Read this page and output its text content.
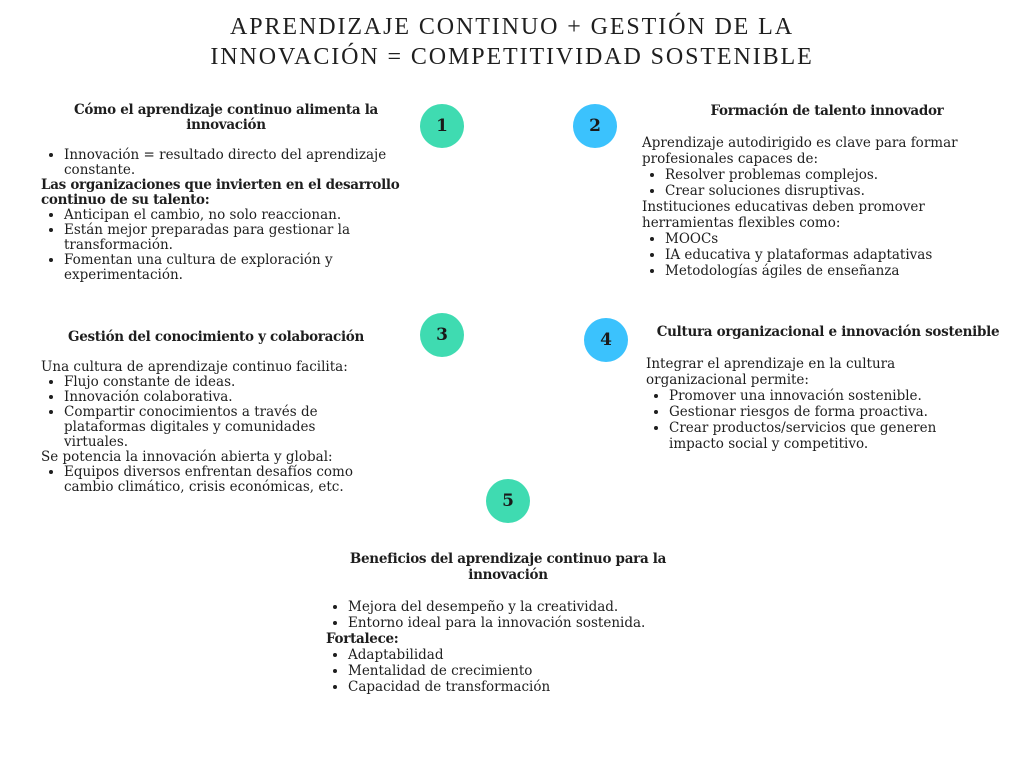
APRENDIZAJE CONTINUO + GESTIÓN DE LA
INNOVACIÓN = COMPETITIVIDAD SOSTENIBLE
1	2
3	4
5
Cómo el aprendizaje continuo alimenta la innovación
• Innovación = resultado directo del aprendizaje constante.

Las organizaciones que invierten en el desarrollo continuo de su talento:

• Anticipan el cambio, no solo reaccionan.
• Están mejor preparadas para gestionar la transformación.
• Fomentan una cultura de exploración y experimentación.
Formación de talento innovador

Aprendizaje autodirigido es clave para formar profesionales capaces de:

• Resolver problemas complejos.
• Crear soluciones disruptivas.

Instituciones educativas deben promover herramientas flexibles como:

• MOOCs
• IA educativa y plataformas adaptativas
• Metodologías ágiles de enseñanza
Gestión del conocimiento y colaboración

Una cultura de aprendizaje continuo facilita:

• Flujo constante de ideas.
• Innovación colaborativa.
• Compartir conocimientos a través de plataformas digitales y comunidades virtuales.

Se potencia la innovación abierta y global:

• Equipos diversos enfrentan desafíos como cambio climático, crisis económicas, etc.
Cultura organizacional e innovación sostenible

Integrar el aprendizaje en la cultura organizacional permite:

• Promover una innovación sostenible.
• Gestionar riesgos de forma proactiva.
• Crear productos/servicios que generen impacto social y competitivo.
Beneficios del aprendizaje continuo para la innovación
• Mejora del desempeño y la creatividad.
• Entorno ideal para la innovación sostenida.

Fortalece:

• Adaptabilidad
• Mentalidad de crecimiento
• Capacidad de transformación
